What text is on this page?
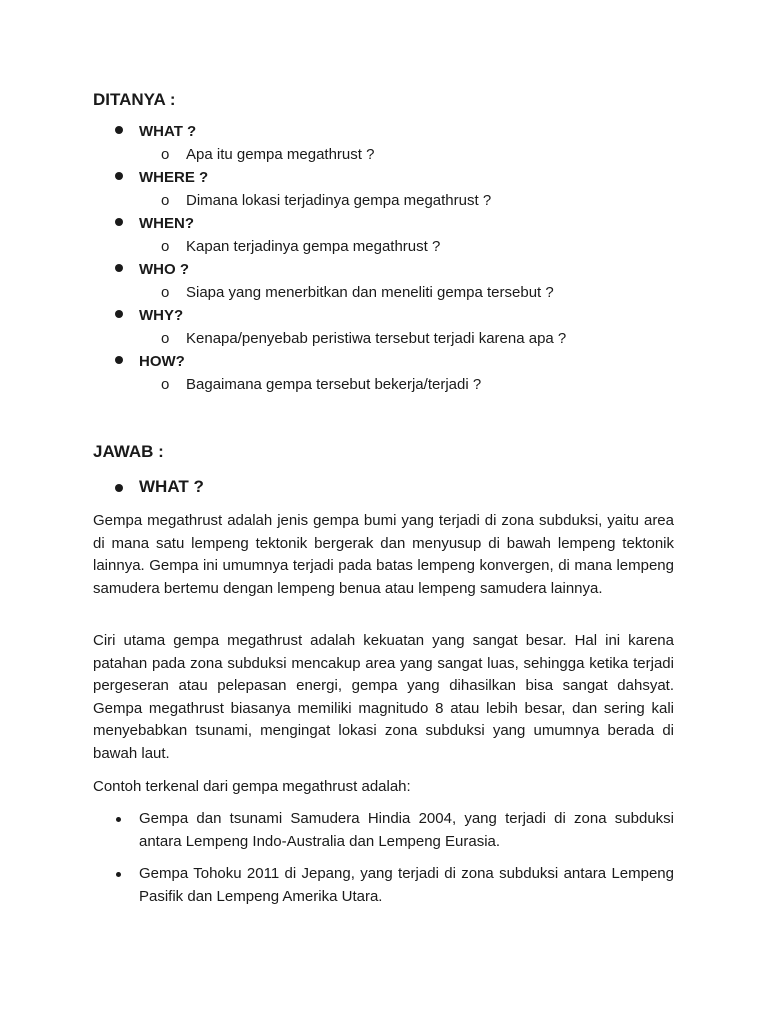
DITANYA :
WHAT ?
o Apa itu gempa megathrust ?
WHERE ?
o Dimana lokasi terjadinya gempa megathrust ?
WHEN?
o Kapan terjadinya gempa megathrust ?
WHO ?
o Siapa yang menerbitkan dan meneliti gempa tersebut ?
WHY?
o Kenapa/penyebab peristiwa tersebut terjadi karena apa ?
HOW?
o Bagaimana gempa tersebut bekerja/terjadi ?
JAWAB :
WHAT ?

Gempa megathrust adalah jenis gempa bumi yang terjadi di zona subduksi, yaitu area di mana satu lempeng tektonik bergerak dan menyusup di bawah lempeng tektonik lainnya. Gempa ini umumnya terjadi pada batas lempeng konvergen, di mana lempeng samudera bertemu dengan lempeng benua atau lempeng samudera lainnya.

Ciri utama gempa megathrust adalah kekuatan yang sangat besar. Hal ini karena patahan pada zona subduksi mencakup area yang sangat luas, sehingga ketika terjadi pergeseran atau pelepasan energi, gempa yang dihasilkan bisa sangat dahsyat. Gempa megathrust biasanya memiliki magnitudo 8 atau lebih besar, dan sering kali menyebabkan tsunami, mengingat lokasi zona subduksi yang umumnya berada di bawah laut.

Contoh terkenal dari gempa megathrust adalah:

Gempa dan tsunami Samudera Hindia 2004, yang terjadi di zona subduksi antara Lempeng Indo-Australia dan Lempeng Eurasia.

Gempa Tohoku 2011 di Jepang, yang terjadi di zona subduksi antara Lempeng Pasifik dan Lempeng Amerika Utara.
